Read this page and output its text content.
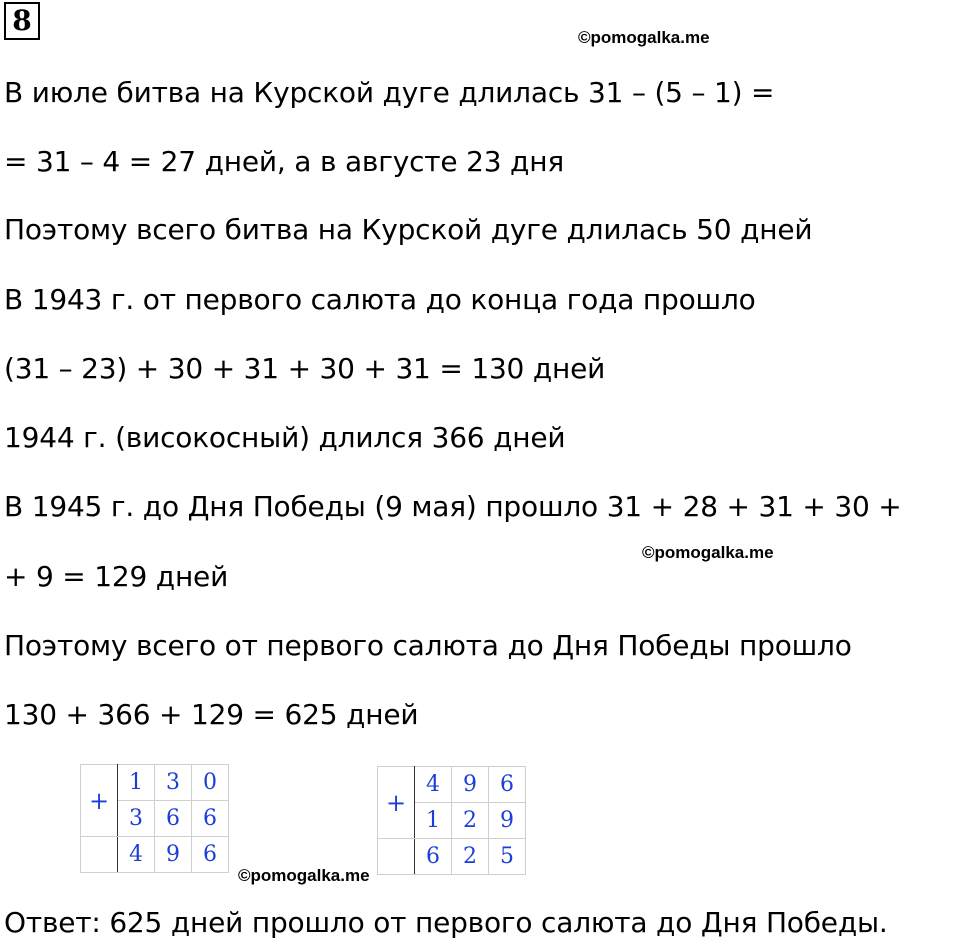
8
©pomogalka.me
В июле битва на Курской дуге длилась 31 – (5 – 1) =
= 31 – 4 = 27 дней, а в августе 23 дня
Поэтому всего битва на Курской дуге длилась 50 дней
В 1943 г. от первого салюта до конца года прошло
(31 – 23) + 30 + 31 + 30 + 31 = 130 дней
1944 г. (високосный) длился 366 дней
В 1945 г. до Дня Победы (9 мая) прошло 31 + 28 + 31 + 30 +
©pomogalka.me
+ 9 = 129 дней
Поэтому всего от первого салюта до Дня Победы прошло
130 + 366 + 129 = 625 дней
+	1	3	0
	3	6	6
	4	9	6
©pomogalka.me
+	4	9	6
	1	2	9
	6	2	5
Ответ: 625 дней прошло от первого салюта до Дня Победы.
